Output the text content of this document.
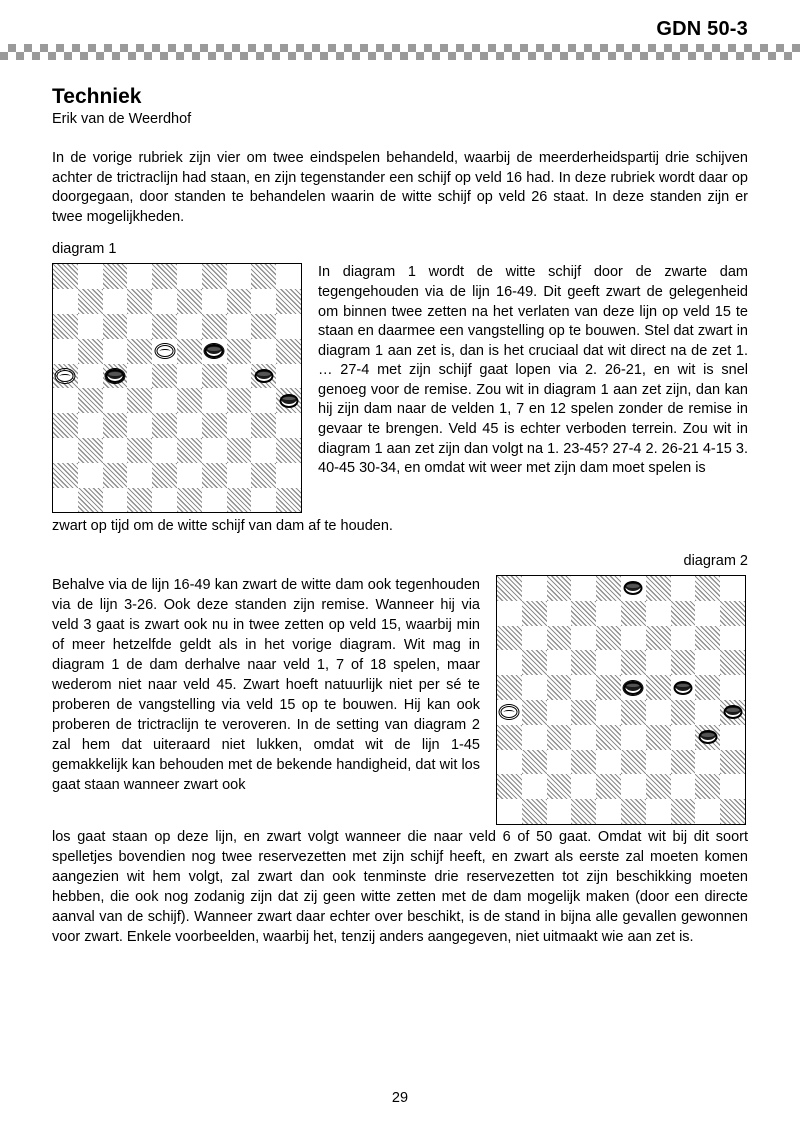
GDN 50-3
Techniek

Erik van de Weerdhof

In de vorige rubriek zijn vier om twee eindspelen behandeld, waarbij de meerderheidspartij drie schijven achter de trictraclijn had staan, en zijn tegenstander een schijf op veld 16 had. In deze rubriek wordt daar op doorgegaan, door standen te behandelen waarin de witte schijf op veld 26 staat. In deze standen zijn er twee mogelijkheden.

diagram 1

In diagram 1 wordt de witte schijf door de zwarte dam tegengehouden via de lijn 16-49. Dit geeft zwart de gelegenheid om binnen twee zetten na het verlaten van deze lijn op veld 15 te staan en daarmee een vangstelling op te bouwen. Stel dat zwart in diagram 1 aan zet is, dan is het cruciaal dat wit direct na de zet 1. … 27-4 met zijn schijf gaat lopen via 2. 26-21, en wit is snel genoeg voor de remise. Zou wit in diagram 1 aan zet zijn, dan kan hij zijn dam naar de velden 1, 7 en 12 spelen zonder de remise in gevaar te brengen. Veld 45 is echter verboden terrein. Zou wit in diagram 1 aan zet zijn dan volgt na 1. 23-45? 27-4 2. 26-21 4-15 3. 40-45 30-34, en omdat wit weer met zijn dam moet spelen is

zwart op tijd om de witte schijf van dam af te houden.

diagram 2

Behalve via de lijn 16-49 kan zwart de witte dam ook tegenhouden via de lijn 3-26. Ook deze standen zijn remise. Wanneer hij via veld 3 gaat is zwart ook nu in twee zetten op veld 15, waarbij min of meer hetzelfde geldt als in het vorige diagram. Wit mag in diagram 1 de dam derhalve naar veld 1, 7 of 18 spelen, maar wederom niet naar veld 45. Zwart hoeft natuurlijk niet per sé te proberen de vangstelling via veld 15 op te bouwen. Hij kan ook proberen de trictraclijn te veroveren. In de setting van diagram 2 zal hem dat uiteraard niet lukken, omdat wit de lijn 1-45 gemakkelijk kan behouden met de bekende handigheid, dat wit los gaat staan wanneer zwart ook

los gaat staan op deze lijn, en zwart volgt wanneer die naar veld 6 of 50 gaat. Omdat wit bij dit soort spelletjes bovendien nog twee reservezetten met zijn schijf heeft, en zwart als eerste zal moeten komen aangezien wit hem volgt, zal zwart dan ook tenminste drie reservezetten tot zijn beschikking moeten hebben, die ook nog zodanig zijn dat zij geen witte zetten met de dam mogelijk maken (door een directe aanval van de schijf). Wanneer zwart daar echter over beschikt, is de stand in bijna alle gevallen gewonnen voor zwart. Enkele voorbeelden, waarbij het, tenzij anders aangegeven, niet uitmaakt wie aan zet is.

29
